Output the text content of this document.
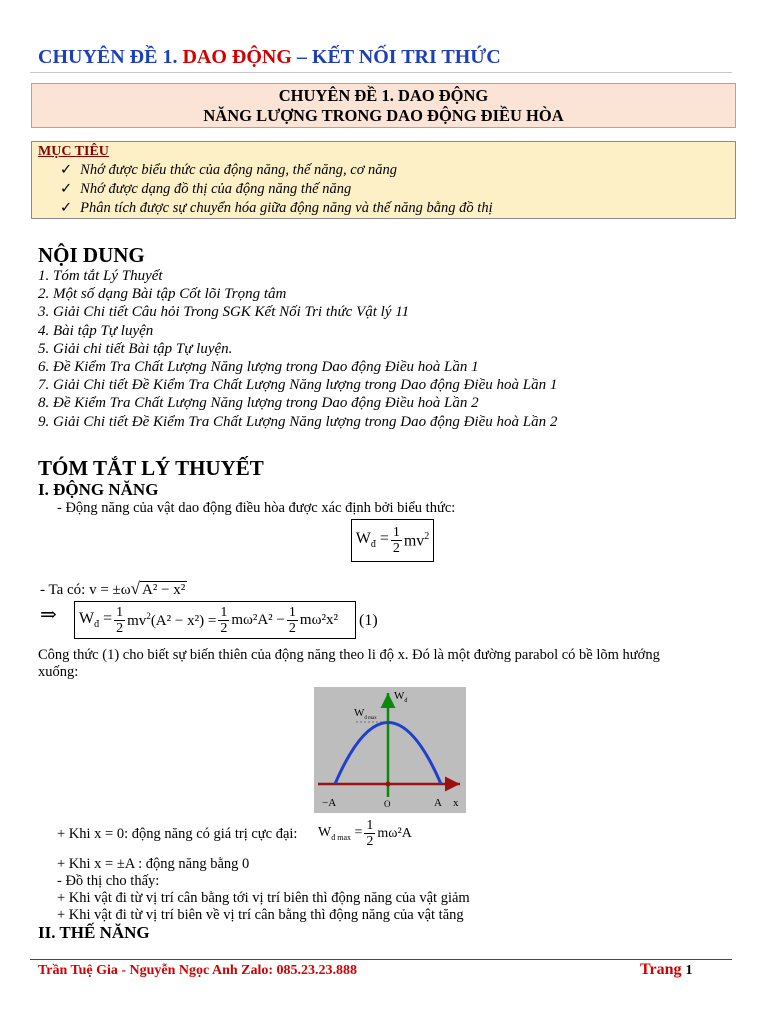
CHUYÊN ĐỀ 1. DAO ĐỘNG – KẾT NỐI TRI THỨC
CHUYÊN ĐỀ 1. DAO ĐỘNG
NĂNG LƯỢNG TRONG DAO ĐỘNG ĐIỀU HÒA
MỤC TIÊU
✓ Nhớ được biểu thức của động năng, thế năng, cơ năng
✓ Nhớ được dạng đồ thị của động năng thế năng
✓ Phân tích được sự chuyển hóa giữa động năng và thế năng bằng đồ thị
NỘI DUNG
1. Tóm tắt Lý Thuyết
2. Một số dạng Bài tập Cốt lõi Trọng tâm
3. Giải Chi tiết Câu hỏi Trong SGK Kết Nối Tri thức Vật lý 11
4. Bài tập Tự luyện
5. Giải chi tiết Bài tập Tự luyện.
6. Đề Kiểm Tra Chất Lượng Năng lượng trong Dao động Điều hoà Lần 1
7. Giải Chi tiết Đề Kiểm Tra Chất Lượng Năng lượng trong Dao động Điều hoà Lần 1
8. Đề Kiểm Tra Chất Lượng Năng lượng trong Dao động Điều hoà Lần 2
9. Giải Chi tiết Đề Kiểm Tra Chất Lượng Năng lượng trong Dao động Điều hoà Lần 2
TÓM TẮT LÝ THUYẾT
I. ĐỘNG NĂNG
- Động năng của vật dao động điều hòa được xác định bởi biểu thức:
$W_đ = \frac{1}{2} mv^2$
- Ta có: v = ±ω√ A² − x²
⇒ $W_đ = \frac{1}{2} mv^2(A^2 - x^2) = \frac{1}{2} m\omega^2A^2 - \frac{1}{2} m\omega^2x^2$ (1)
Công thức (1) cho biết sự biến thiên của động năng theo li độ x. Đó là một đường parabol có bề lõm hướng
xuống:
$W_đ$
$W_{đ max}$
−A	O	A x
+ Khi x = 0: động năng có giá trị cực đại: $W_{đ max} = \frac{1}{2} m\omega^2A$
+ Khi x = ±A : động năng bằng 0
- Đồ thị cho thấy:
+ Khi vật đi từ vị trí cân bằng tới vị trí biên thì động năng của vật giảm
+ Khi vật đi từ vị trí biên về vị trí cân bằng thì động năng của vật tăng
II. THẾ NĂNG
Trần Tuệ Gia - Nguyễn Ngọc Anh Zalo: 085.23.23.888	Trang 1
